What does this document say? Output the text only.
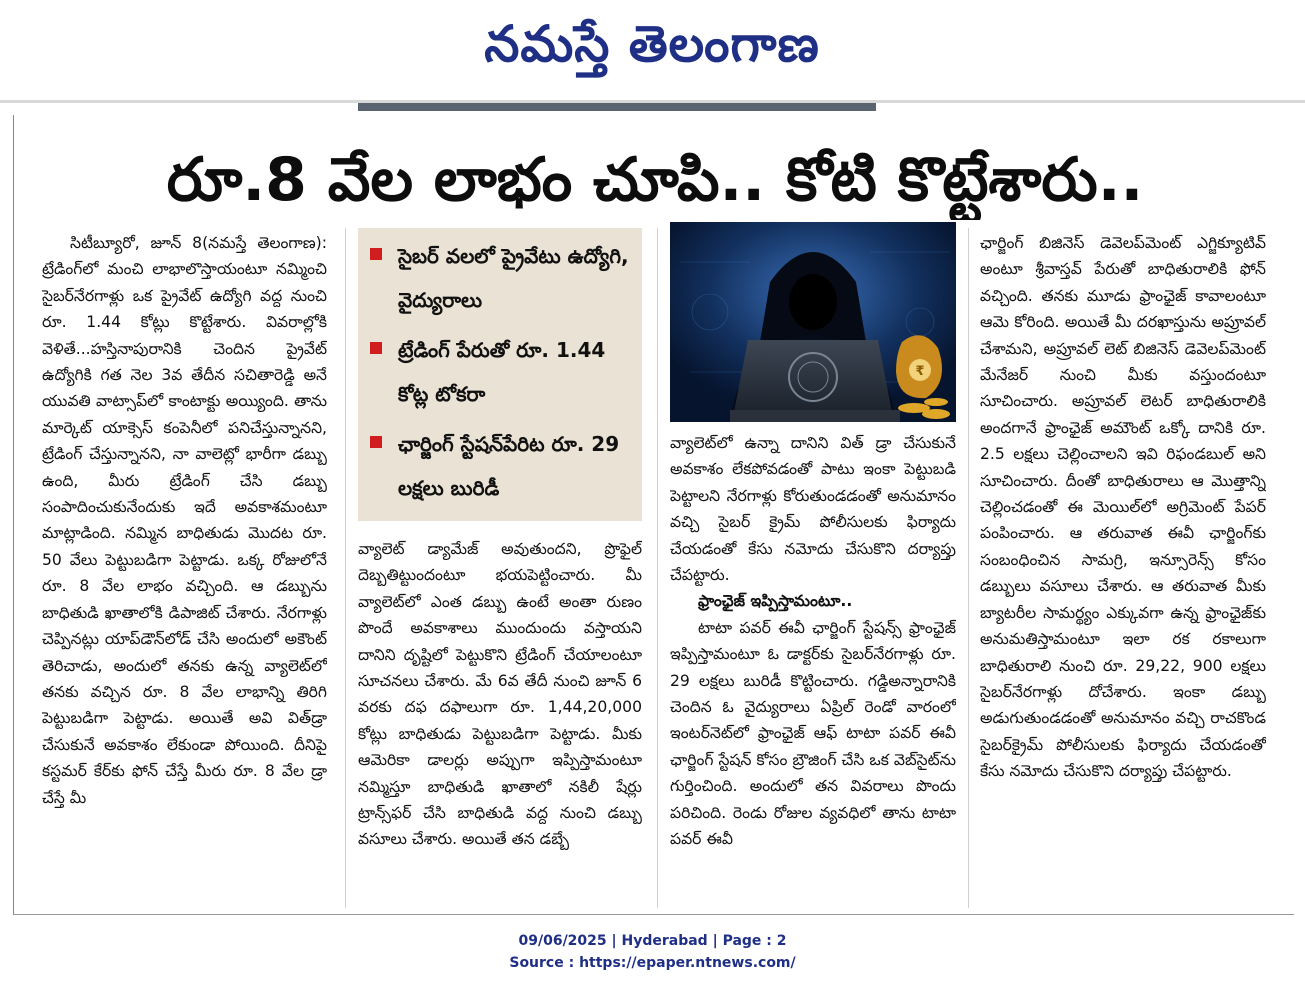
నమస్తే తెలంగాణ
రూ.8 వేల లాభం చూపి.. కోటి కొట్టేశారు..

సిటీబ్యూరో, జూన్ 8(నమస్తే తెలంగాణ): ట్రేడింగ్‌లో మంచి లాభాలొస్తాయంటూ నమ్మించి సైబర్‌నేరగాళ్లు ఒక ప్రైవేట్ ఉద్యోగి వద్ద నుంచి రూ. 1.44 కోట్లు కొట్టేశారు. వివరాల్లోకి వెళితే...హస్తినాపురానికి చెందిన ప్రైవేట్ ఉద్యోగికి గత నెల 3వ తేదీన సచితారెడ్డి అనే యువతి వాట్సాప్‌లో కాంటాక్టు అయ్యింది. తాను మార్కెట్ యాక్సెస్ కంపెనీలో పనిచేస్తున్నానని, ట్రేడింగ్ చేస్తున్నానని, నా వాలెట్లో భారీగా డబ్బు ఉంది, మీరు ట్రేడింగ్ చేసి డబ్బు సంపాదించుకునేందుకు ఇదే అవకాశమంటూ మాట్లాడింది. నమ్మిన బాధితుడు మొదట రూ. 50 వేలు పెట్టుబడిగా పెట్టాడు. ఒక్క రోజులోనే రూ. 8 వేల లాభం వచ్చింది. ఆ డబ్బును బాధితుడి ఖాతాలోకి డిపాజిట్ చేశారు. నేరగాళ్లు చెప్పినట్లు యాప్‌డౌన్‌లోడ్ చేసి అందులో అకౌంట్ తెరిచాడు, అందులో తనకు ఉన్న వ్యాలెట్‌లో తనకు వచ్చిన రూ. 8 వేల లాభాన్ని తిరిగి పెట్టుబడిగా పెట్టాడు. అయితే అవి విత్‌డ్రా చేసుకునే అవకాశం లేకుండా పోయింది. దీనిపై కస్టమర్ కేర్‌కు ఫోన్ చేస్తే మీరు రూ. 8 వేల డ్రా చేస్తే మీ

సైబర్ వలలో ప్రైవేటు ఉద్యోగి, వైద్యురాలు
ట్రేడింగ్ పేరుతో రూ. 1.44 కోట్ల టోకరా
ఛార్జింగ్ స్టేషన్‌పేరిట రూ. 29 లక్షలు బురిడీ

వ్యాలెట్ డ్యామేజ్ అవుతుందని, ప్రొఫైల్ దెబ్బతిట్టుందంటూ భయపెట్టించారు. మీ వ్యాలెట్‌లో ఎంత డబ్బు ఉంటే అంతా రుణం పొందే అవకాశాలు ముందుందు వస్తాయని దానిని దృష్టిలో పెట్టుకొని ట్రేడింగ్ చేయాలంటూ సూచనలు చేశారు. మే 6వ తేదీ నుంచి జూన్ 6 వరకు దఫ దఫాలుగా రూ. 1,44,20,000 కోట్లు బాధితుడు పెట్టుబడిగా పెట్టాడు. మీకు ఆమెరికా డాలర్లు అప్పుగా ఇప్పిస్తామంటూ నమ్మిస్తూ బాధితుడి ఖాతాలో నకిలీ షేర్లు ట్రాన్స్‌ఫర్ చేసి బాధితుడి వద్ద నుంచి డబ్బు వసూలు చేశారు. అయితే తన డబ్బే

₹

వ్యాలెట్‌లో ఉన్నా దానిని విత్ డ్రా చేసుకునే అవకాశం లేకపోవడంతో పాటు ఇంకా పెట్టుబడి పెట్టాలని నేరగాళ్లు కోరుతుండడంతో అనుమానం వచ్చి సైబర్ క్రైమ్ పోలీసులకు ఫిర్యాదు చేయడంతో కేసు నమోదు చేసుకొని దర్యాప్తు చేపట్టారు.

ఫ్రాంఛైజ్ ఇప్పిస్తామంటూ..

టాటా పవర్ ఈవీ ఛార్జింగ్ స్టేషన్స్ ఫ్రాంఛైజ్ ఇప్పిస్తామంటూ ఓ డాక్టర్‌కు సైబర్‌నేరగాళ్లు రూ. 29 లక్షలు బురిడీ కొట్టించారు. గడ్డిఅన్నారానికి చెందిన ఓ వైద్యురాలు ఏప్రిల్ రెండో వారంలో ఇంటర్‌నెట్‌లో ఫ్రాంఛైజ్ ఆఫ్ టాటా పవర్ ఈవీ ఛార్జింగ్ స్టేషన్ కోసం బ్రౌజింగ్ చేసి ఒక వెబ్‌సైట్‌ను గుర్తించింది. అందులో తన వివరాలు పొందు పరిచింది. రెండు రోజుల వ్యవధిలో తాను టాటా పవర్ ఈవీ

ఛార్జింగ్ బిజినెస్ డెవెలప్‌మెంట్ ఎగ్జిక్యూటివ్ అంటూ శ్రీవాస్తవ్ పేరుతో బాధితురాలికి ఫోన్ వచ్చింది. తనకు మూడు ఫ్రాంఛైజ్ కావాలంటూ ఆమె కోరింది. అయితే మీ దరఖాస్తును అప్రూవల్ చేశామని, అప్రూవల్ లెట్ బిజినెస్ డెవెలప్‌మెంట్ మేనేజర్ నుంచి మీకు వస్తుందంటూ సూచించారు. అప్రూవల్ లెటర్ బాధితురాలికి అందగానే ఫ్రాంఛైజ్ అమౌంట్ ఒక్కో దానికి రూ. 2.5 లక్షలు చెల్లించాలని ఇవి రిఫండబుల్ అని సూచించారు. దీంతో బాధితురాలు ఆ మొత్తాన్ని చెల్లించడంతో ఈ మెయిల్‌లో అగ్రిమెంట్ పేపర్ పంపించారు. ఆ తరువాత ఈవీ ఛార్జింగ్‌కు సంబంధించిన సామగ్రి, ఇన్సూరెన్స్ కోసం డబ్బులు వసూలు చేశారు. ఆ తరువాత మీకు బ్యాటరీల సామర్థ్యం ఎక్కువగా ఉన్న ఫ్రాంఛైజ్‌కు అనుమతిస్తామంటూ ఇలా రక రకాలుగా బాధితురాలి నుంచి రూ. 29,22, 900 లక్షలు సైబర్‌నేరగాళ్లు దోచేశారు. ఇంకా డబ్బు అడుగుతుండడంతో అనుమానం వచ్చి రాచకొండ సైబర్‌క్రైమ్ పోలీసులకు ఫిర్యాదు చేయడంతో కేసు నమోదు చేసుకొని దర్యాప్తు చేపట్టారు.

09/06/2025 | Hyderabad | Page : 2
Source : https://epaper.ntnews.com/
